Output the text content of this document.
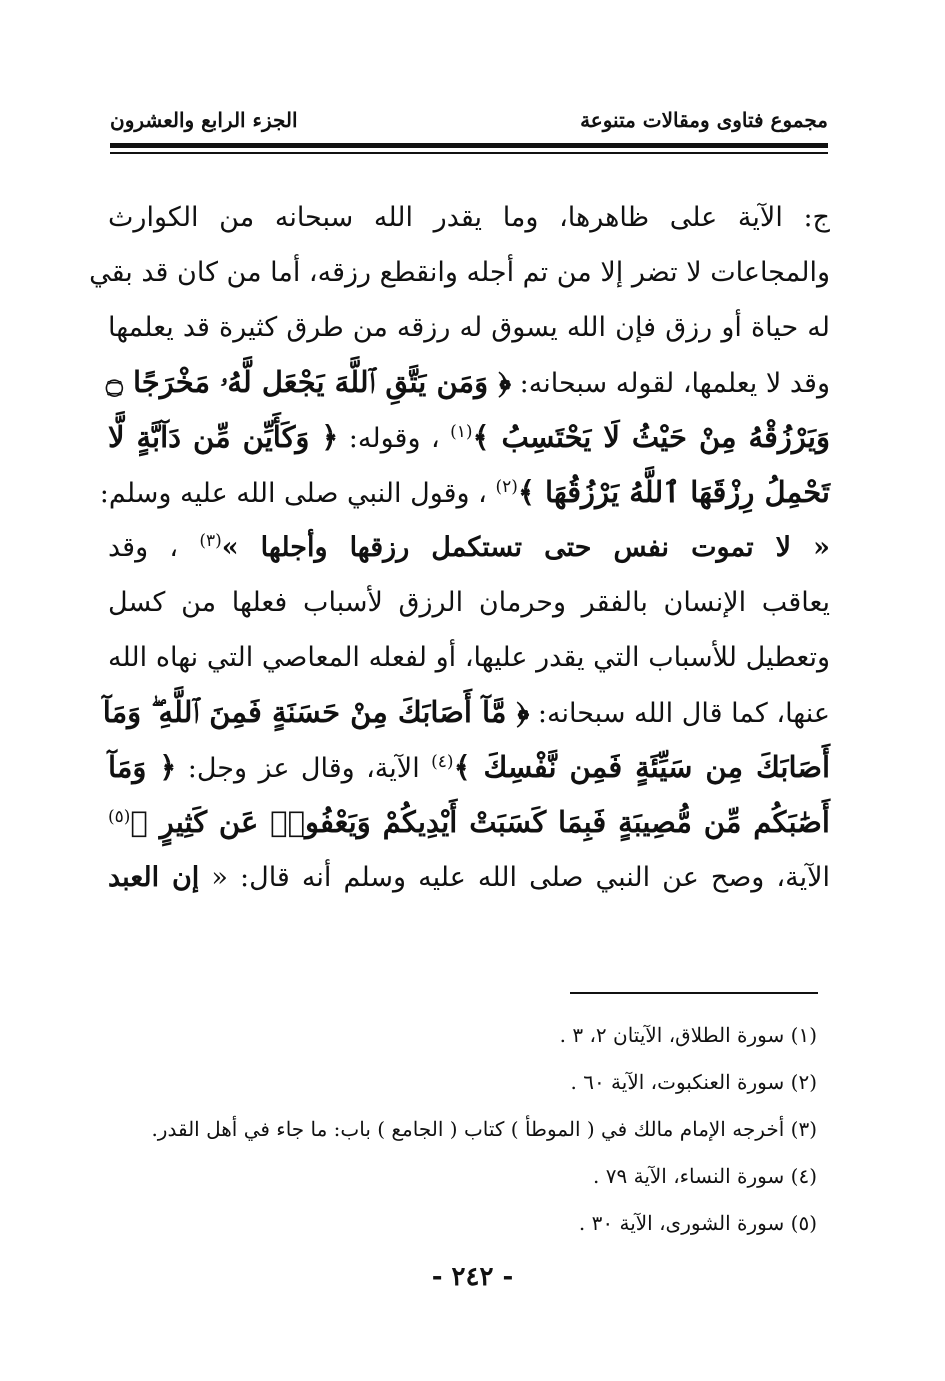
مجموع فتاوى ومقالات متنوعة
الجزء الرابع والعشرون
ج: الآية على ظاهرها، وما يقدر الله سبحانه من الكوارث
والمجاعات لا تضر إلا من تم أجله وانقطع رزقه، أما من كان قد بقي
له حياة أو رزق فإن الله يسوق له رزقه من طرق كثيرة قد يعلمها
وقد لا يعلمها، لقوله سبحانه: ﴿ وَمَن يَتَّقِ ٱللَّهَ يَجْعَل لَّهُۥ مَخْرَجًا ۝
وَيَرْزُقْهُ مِنْ حَيْثُ لَا يَحْتَسِبُ ﴾$^{(١)}$ ، وقوله: ﴿ وَكَأَيِّن مِّن دَآبَّةٍ لَّا
تَحْمِلُ رِزْقَهَا ٱللَّهُ يَرْزُقُهَا ﴾$^{(٢)}$ ، وقول النبي صلى الله عليه وسلم:
« لا تموت نفس حتى تستكمل رزقها وأجلها »$^{(٣)}$ ، وقد
يعاقب الإنسان بالفقر وحرمان الرزق لأسباب فعلها من كسل
وتعطيل للأسباب التي يقدر عليها، أو لفعله المعاصي التي نهاه الله
عنها، كما قال الله سبحانه: ﴿ مَّآ أَصَابَكَ مِنْ حَسَنَةٍ فَمِنَ ٱللَّهِ ۖ وَمَآ
أَصَابَكَ مِن سَيِّئَةٍ فَمِن نَّفْسِكَ ﴾$^{(٤)}$ الآية، وقال عز وجل: ﴿ وَمَآ
أَصَٰبَكُم مِّن مُّصِيبَةٍ فَبِمَا كَسَبَتْ أَيْدِيكُمْ وَيَعْفُوا۟ عَن كَثِيرٍ ﴾$^{(٥)}$
الآية، وصح عن النبي صلى الله عليه وسلم أنه قال: « إن العبد
(١) سورة الطلاق، الآيتان ٢، ٣ .
(٢) سورة العنكبوت، الآية ٦٠ .
(٣) أخرجه الإمام مالك في ( الموطأ ) كتاب ( الجامع ) باب: ما جاء في أهل القدر.
(٤) سورة النساء، الآية ٧٩ .
(٥) سورة الشورى، الآية ٣٠ .
- ٢٤٢ -
